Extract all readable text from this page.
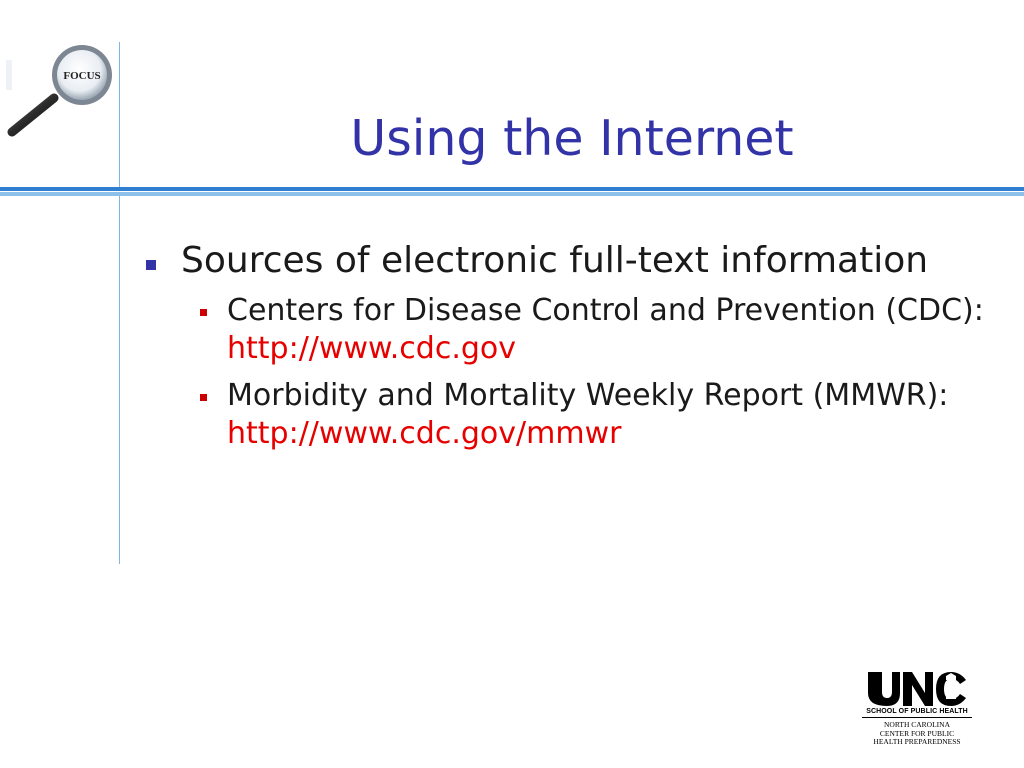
FOCUS
Using the Internet
Sources of electronic full-text information
Centers for Disease Control and Prevention (CDC): http://www.cdc.gov
Morbidity and Mortality Weekly Report (MMWR): http://www.cdc.gov/mmwr
SCHOOL OF PUBLIC HEALTH
NORTH CAROLINA
CENTER FOR PUBLIC
HEALTH PREPAREDNESS
